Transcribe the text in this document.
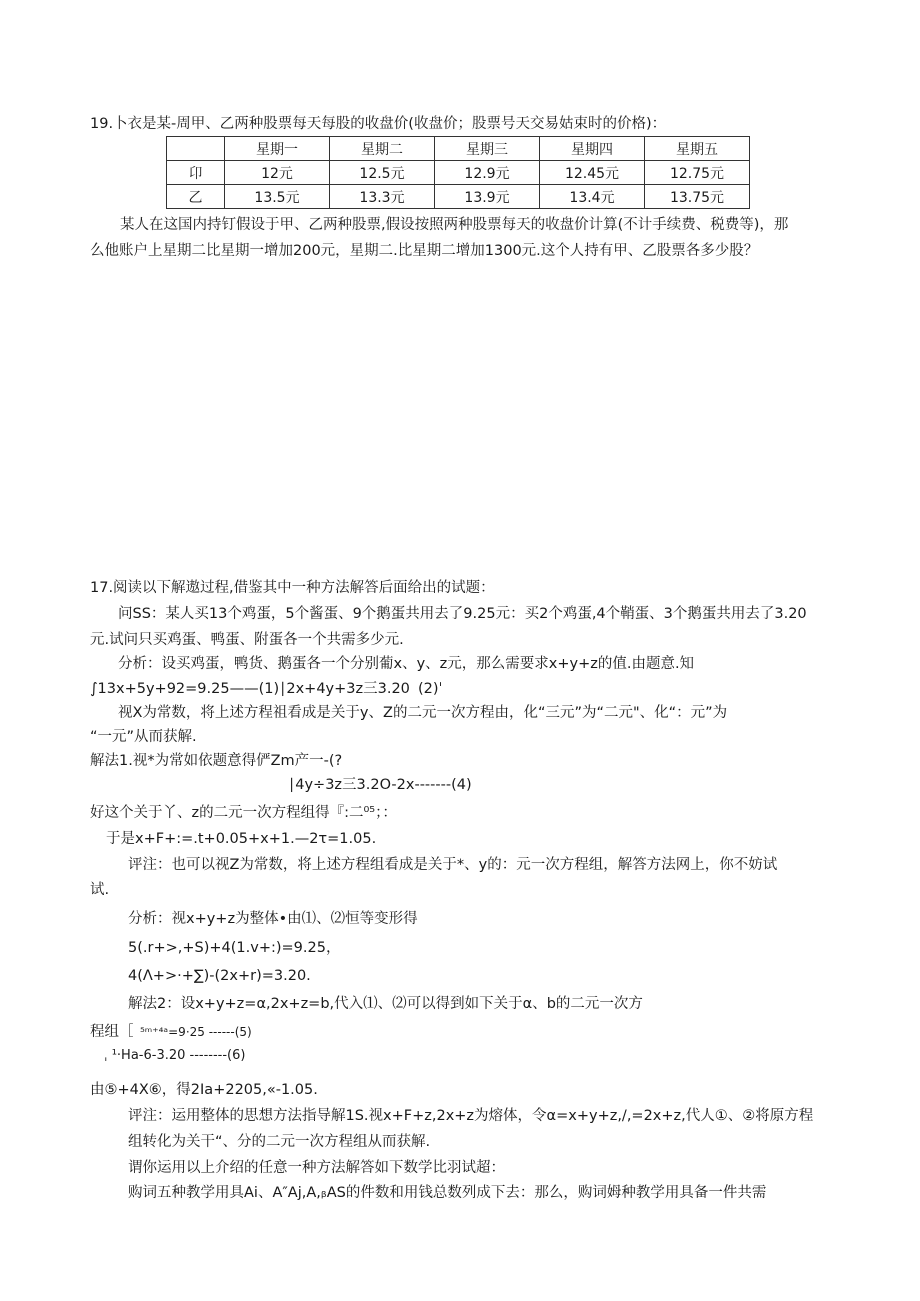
19.卜衣是某-周甲、乙两种股票每天每股的收盘价(收盘价；股票号天交易姑束时的价格)：
	星期一	星期二	星期三	星期四	星期五
卬	12元	12.5元	12.9元	12.45元	12.75元
乙	13.5元	13.3元	13.9元	13.4元	13.75元
某人在这国内持钉假设于甲、乙两种股票,假设按照两种股票每天的收盘价计算(不计手续费、税费等)，那
么他账户上星期二比星期一增加200元，星期二.比星期二增加1300元.这个人持有甲、乙股票各多少股？
17.阅读以下解遨过程,借鉴其中一种方法解答后面给出的试题：
问SS：某人买13个鸡蛋，5个酱蛋、9个鹅蛋共用去了9.25元：买2个鸡蛋,4个鞘蛋、3个鹅蛋共用去了3.20
元.试问只买鸡蛋、鸭蛋、附蛋各一个共需多少元.
分析：设买鸡蛋，鸭货、鹅蛋各一个分别葡x、y、z元，那么需要求x+y+z的值.由题意.知
∫13x+5y+92=9.25——(1)∣2x+4y+3z三3.20 (2)ˈ
视X为常数，将上述方程祖看成是关于y、Z的二元一次方程由，化“三元”为“二元"、化“：元”为
“一元”从而获解.
解法1.视*为常如依题意得俨Zm产一-(?
∣4y÷3z三3.2O-2x-------(4)
好这个关于丫、z的二元一次方程组得『:二⁰⁵；：
于是x+F+:=.t+0.05+x+1.—2τ=1.05.
评注：也可以视Z为常数，将上述方程组看成是关于*、y的：元一次方程组，解答方法网上，你不妨试
试.
分析：视x+y+z为整体•由⑴、⑵恒等变形得
5(.r+>,+S)+4(1.v+:)=9.25，
4(Λ+>·+∑)-(2x+r)=3.20.
解法2：设x+y+z=α,2x+z=b,代入⑴、⑵可以得到如下关于α、b的二元一次方
程组［ ⁵ᵐ⁺⁴ᵃ=9·25 ------(5)
ˌ ¹·Ha-6-3.20 --------(6)
由⑤+4X⑥，得2Ia+2205,«-1.05.
评注：运用整体的思想方法指导解1S.视x+F+z,2x+z为熔体，令α=x+y+z,/,=2x+z,代人①、②将原方程
组转化为关干“、分的二元一次方程组从而获解.
谓你运用以上介绍的任意一种方法解答如下数学比羽试超：
购词五种教学用具Ai、A″Aj,A,ᵦAS的件数和用钱总数列成下去：那么，购词姆种教学用具备一件共需
